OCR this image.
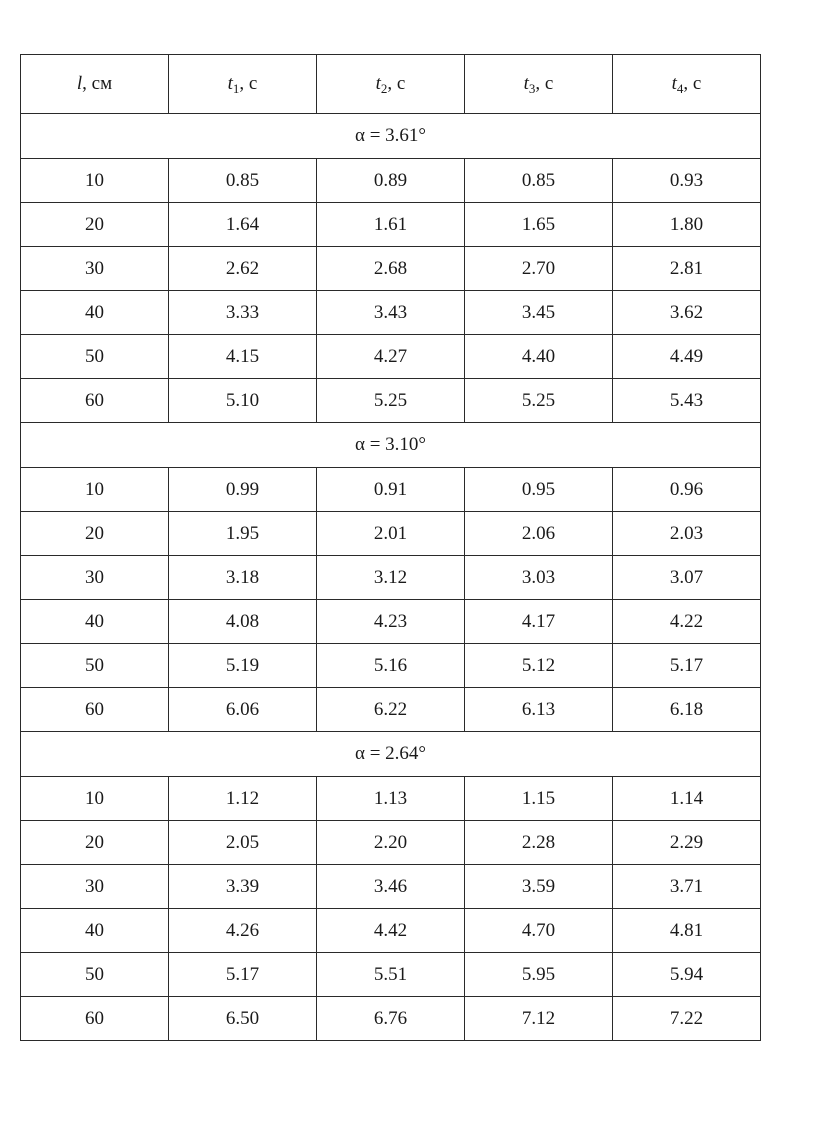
l, см	$t_1$, с	$t_2$, с	$t_3$, с	$t_4$, с
α = 3.61°				
10	0.85	0.89	0.85	0.93
20	1.64	1.61	1.65	1.80
30	2.62	2.68	2.70	2.81
40	3.33	3.43	3.45	3.62
50	4.15	4.27	4.40	4.49
60	5.10	5.25	5.25	5.43
α = 3.10°				
10	0.99	0.91	0.95	0.96
20	1.95	2.01	2.06	2.03
30	3.18	3.12	3.03	3.07
40	4.08	4.23	4.17	4.22
50	5.19	5.16	5.12	5.17
60	6.06	6.22	6.13	6.18
α = 2.64°				
10	1.12	1.13	1.15	1.14
20	2.05	2.20	2.28	2.29
30	3.39	3.46	3.59	3.71
40	4.26	4.42	4.70	4.81
50	5.17	5.51	5.95	5.94
60	6.50	6.76	7.12	7.22
